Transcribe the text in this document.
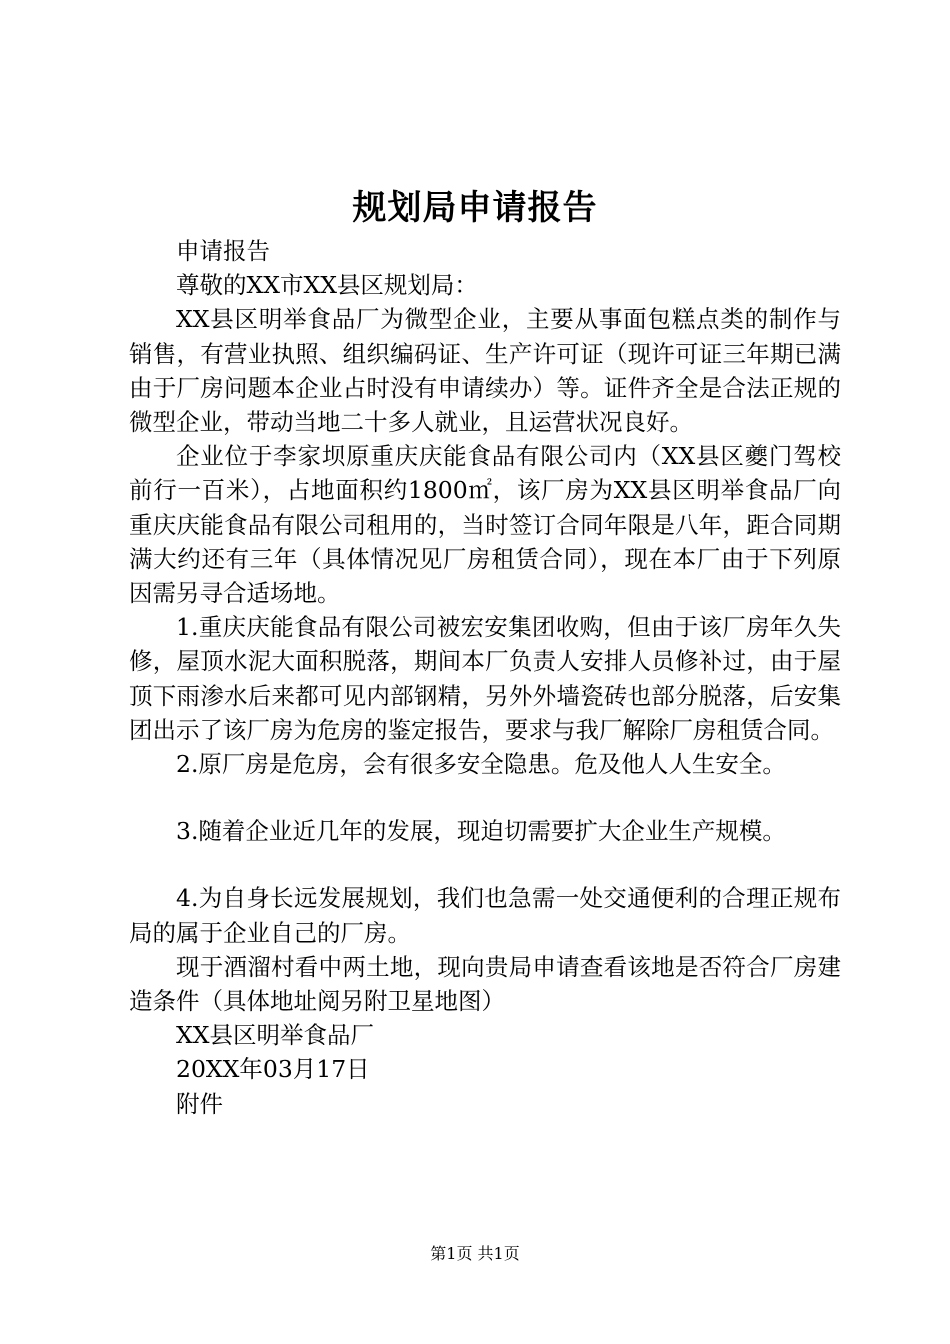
规划局申请报告

申请报告

尊敬的XX市XX县区规划局：

XX县区明举食品厂为微型企业，主要从事面包糕点类的制作与销售，有营业执照、组织编码证、生产许可证（现许可证三年期已满由于厂房问题本企业占时没有申请续办）等。证件齐全是合法正规的微型企业，带动当地二十多人就业，且运营状况良好。

企业位于李家坝原重庆庆能食品有限公司内（XX县区夔门驾校前行一百米），占地面积约1800㎡，该厂房为XX县区明举食品厂向重庆庆能食品有限公司租用的，当时签订合同年限是八年，距合同期满大约还有三年（具体情况见厂房租赁合同），现在本厂由于下列原因需另寻合适场地。

1.重庆庆能食品有限公司被宏安集团收购，但由于该厂房年久失修，屋顶水泥大面积脱落，期间本厂负责人安排人员修补过，由于屋顶下雨渗水后来都可见内部钢精，另外外墙瓷砖也部分脱落，后安集团出示了该厂房为危房的鉴定报告，要求与我厂解除厂房租赁合同。

2.原厂房是危房，会有很多安全隐患。危及他人人生安全。

3.随着企业近几年的发展，现迫切需要扩大企业生产规模。

4.为自身长远发展规划，我们也急需一处交通便利的合理正规布局的属于企业自己的厂房。

现于酒溜村看中两土地，现向贵局申请查看该地是否符合厂房建造条件（具体地址阅另附卫星地图）

XX县区明举食品厂

20XX年03月17日

附件

第1页 共1页
